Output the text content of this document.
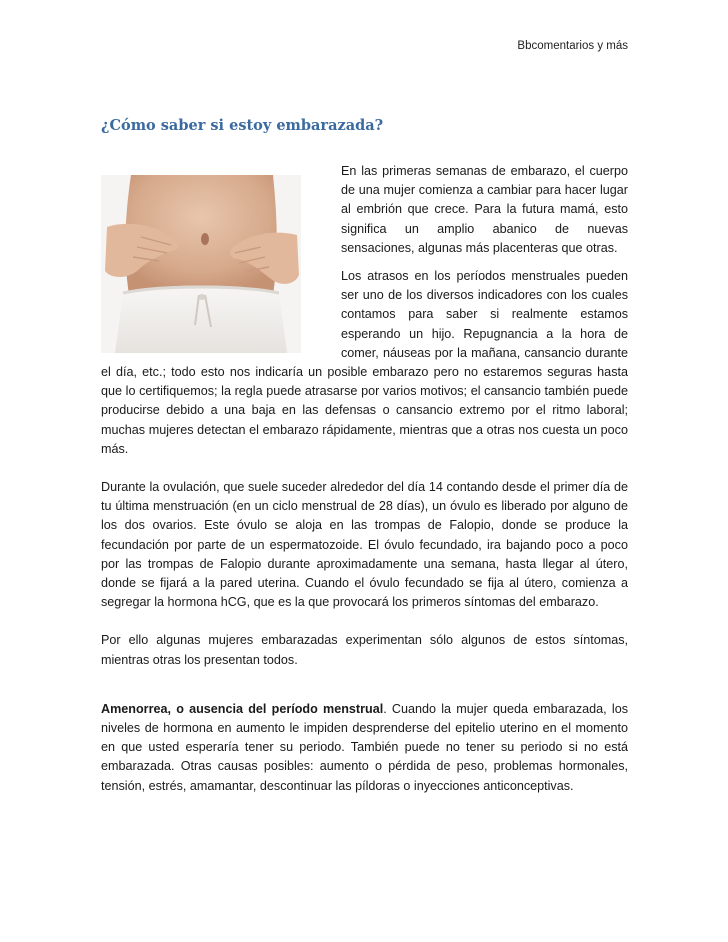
Bbcomentarios y más
¿Cómo saber si estoy embarazada?

En las primeras semanas de embarazo, el cuerpo de una mujer comienza a cambiar para hacer lugar al embrión que crece. Para la futura mamá, esto significa un amplio abanico de nuevas sensaciones, algunas más placenteras que otras.

Los atrasos en los períodos menstruales pueden ser uno de los diversos indicadores con los cuales contamos para saber si realmente estamos esperando un hijo. Repugnancia a la hora de comer, náuseas por la mañana, cansancio durante el día, etc.; todo esto nos indicaría un posible embarazo pero no estaremos seguras hasta que lo certifiquemos; la regla puede atrasarse por varios motivos; el cansancio también puede producirse debido a una baja en las defensas o cansancio extremo por el ritmo laboral; muchas mujeres detectan el embarazo rápidamente, mientras que a otras nos cuesta un poco más.

Durante la ovulación, que suele suceder alrededor del día 14 contando desde el primer día de tu última menstruación (en un ciclo menstrual de 28 días), un óvulo es liberado por alguno de los dos ovarios. Este óvulo se aloja en las trompas de Falopio, donde se produce la fecundación por parte de un espermatozoide. El óvulo fecundado, ira bajando poco a poco por las trompas de Falopio durante aproximadamente una semana, hasta llegar al útero, donde se fijará a la pared uterina. Cuando el óvulo fecundado se fija al útero, comienza a segregar la hormona hCG, que es la que provocará los primeros síntomas del embarazo.

Por ello algunas mujeres embarazadas experimentan sólo algunos de estos síntomas, mientras otras los presentan todos.

Amenorrea, o ausencia del período menstrual. Cuando la mujer queda embarazada, los niveles de hormona en aumento le impiden desprenderse del epitelio uterino en el momento en que usted esperaría tener su periodo. También puede no tener su periodo si no está embarazada. Otras causas posibles: aumento o pérdida de peso, problemas hormonales, tensión, estrés, amamantar, descontinuar las píldoras o inyecciones anticonceptivas.
